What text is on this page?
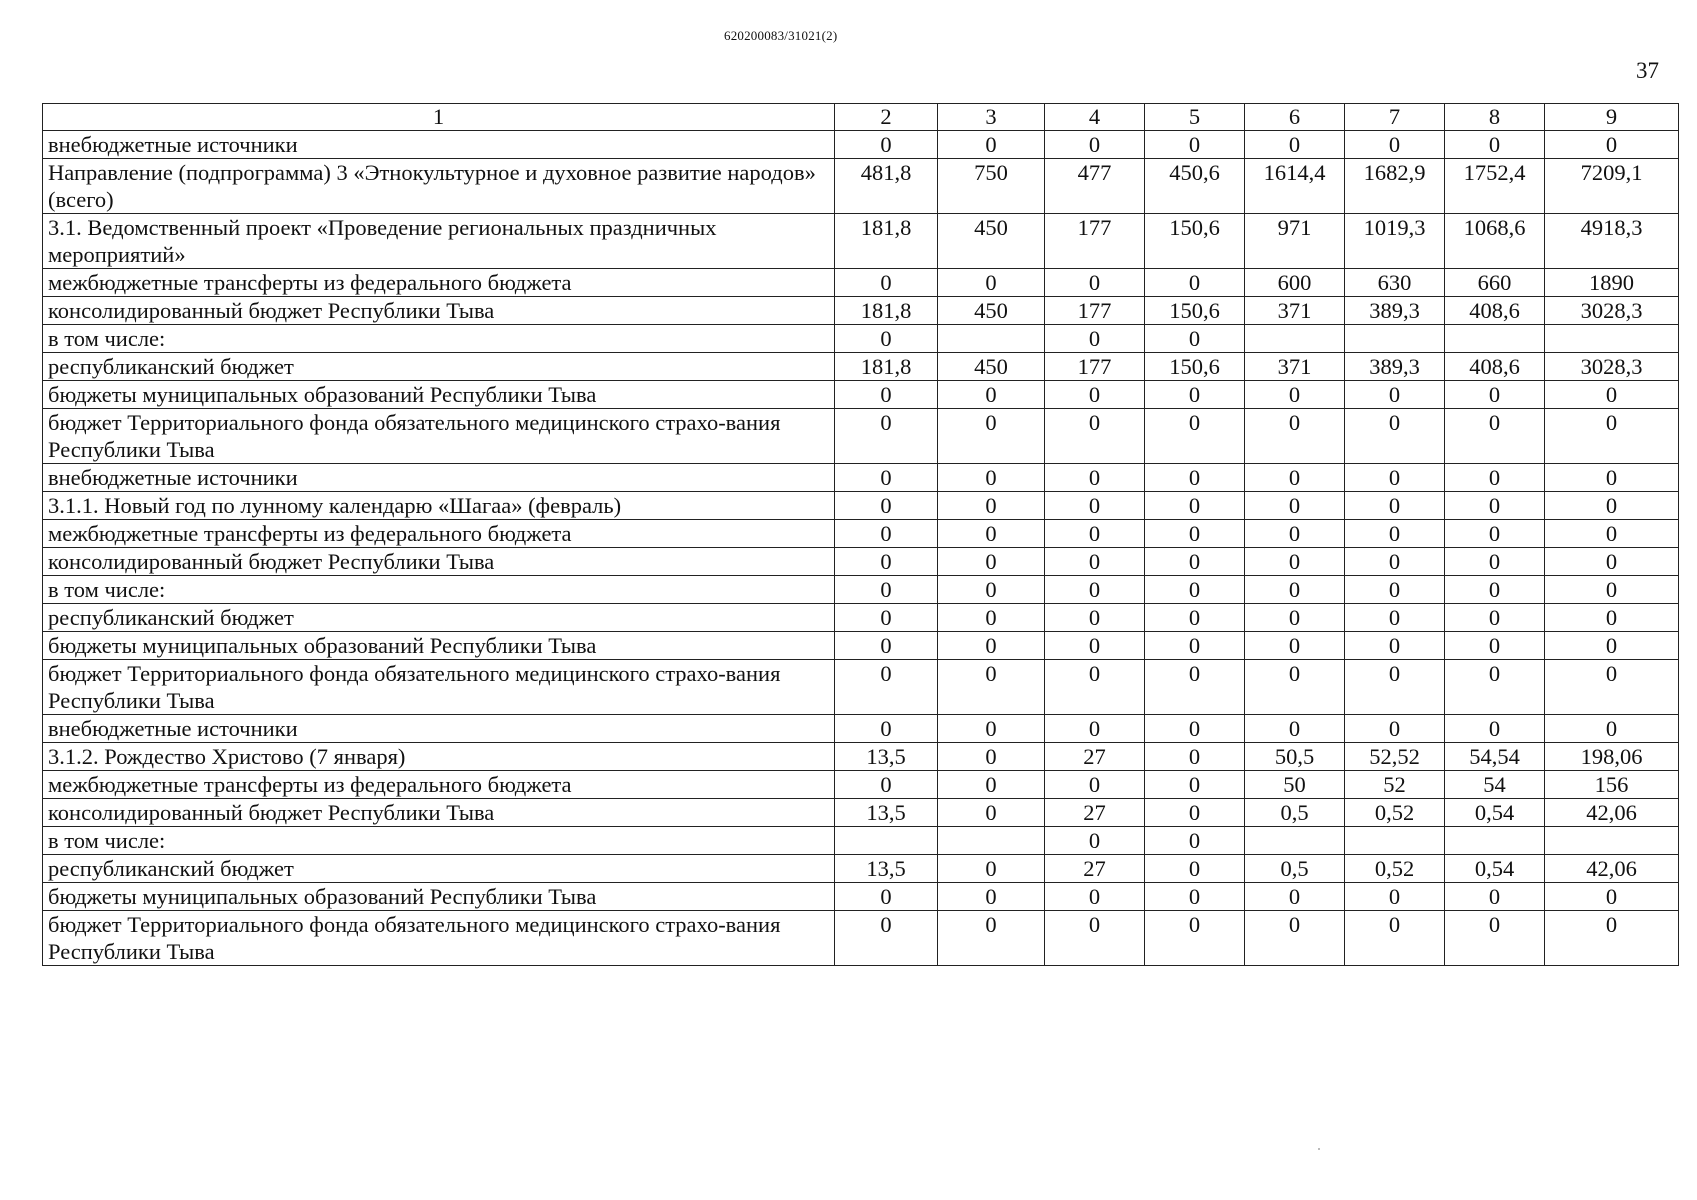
620200083/31021(2)
37
1	2	3	4	5	6	7	8	9
внебюджетные источники	0	0	0	0	0	0	0	0
Направление (подпрограмма) 3 «Этнокультурное и духовное развитие народов» (всего)	481,8	750	477	450,6	1614,4	1682,9	1752,4	7209,1
3.1. Ведомственный проект «Проведение региональных праздничных мероприятий»	181,8	450	177	150,6	971	1019,3	1068,6	4918,3
межбюджетные трансферты из федерального бюджета	0	0	0	0	600	630	660	1890
консолидированный бюджет Республики Тыва	181,8	450	177	150,6	371	389,3	408,6	3028,3
в том числе:	0		0	0				
республиканский бюджет	181,8	450	177	150,6	371	389,3	408,6	3028,3
бюджеты муниципальных образований Республики Тыва	0	0	0	0	0	0	0	0
бюджет Территориального фонда обязательного медицинского страхо-вания Республики Тыва	0	0	0	0	0	0	0	0
внебюджетные источники	0	0	0	0	0	0	0	0
3.1.1. Новый год по лунному календарю «Шагаа» (февраль)	0	0	0	0	0	0	0	0
межбюджетные трансферты из федерального бюджета	0	0	0	0	0	0	0	0
консолидированный бюджет Республики Тыва	0	0	0	0	0	0	0	0
в том числе:	0	0	0	0	0	0	0	0
республиканский бюджет	0	0	0	0	0	0	0	0
бюджеты муниципальных образований Республики Тыва	0	0	0	0	0	0	0	0
бюджет Территориального фонда обязательного медицинского страхо-вания Республики Тыва	0	0	0	0	0	0	0	0
внебюджетные источники	0	0	0	0	0	0	0	0
3.1.2. Рождество Христово (7 января)	13,5	0	27	0	50,5	52,52	54,54	198,06
межбюджетные трансферты из федерального бюджета	0	0	0	0	50	52	54	156
консолидированный бюджет Республики Тыва	13,5	0	27	0	0,5	0,52	0,54	42,06
в том числе:			0	0				
республиканский бюджет	13,5	0	27	0	0,5	0,52	0,54	42,06
бюджеты муниципальных образований Республики Тыва	0	0	0	0	0	0	0	0
бюджет Территориального фонда обязательного медицинского страхо-вания Республики Тыва	0	0	0	0	0	0	0	0
